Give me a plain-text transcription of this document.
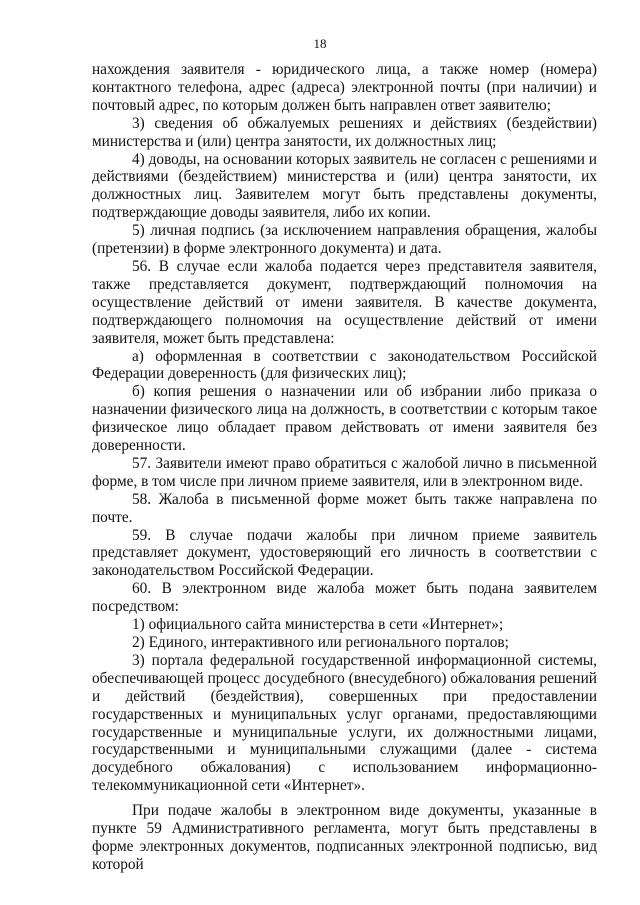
18

нахождения заявителя - юридического лица, а также номер (номера) контактного телефона, адрес (адреса) электронной почты (при наличии) и почтовый адрес, по которым должен быть направлен ответ заявителю;

3) сведения об обжалуемых решениях и действиях (бездействии) министерства и (или) центра занятости, их должностных лиц;

4) доводы, на основании которых заявитель не согласен с решениями и действиями (бездействием) министерства и (или) центра занятости, их должностных лиц. Заявителем могут быть представлены документы, подтверждающие доводы заявителя, либо их копии.

5) личная подпись (за исключением направления обращения, жалобы (претензии) в форме электронного документа) и дата.

56. В случае если жалоба подается через представителя заявителя, также представляется документ, подтверждающий полномочия на осуществление действий от имени заявителя. В качестве документа, подтверждающего полномочия на осуществление действий от имени заявителя, может быть представлена:

а) оформленная в соответствии с законодательством Российской Федерации доверенность (для физических лиц);

б) копия решения о назначении или об избрании либо приказа о назначении физического лица на должность, в соответствии с которым такое физическое лицо обладает правом действовать от имени заявителя без доверенности.

57. Заявители имеют право обратиться с жалобой лично в письменной форме, в том числе при личном приеме заявителя, или в электронном виде.

58. Жалоба в письменной форме может быть также направлена по почте.

59. В случае подачи жалобы при личном приеме заявитель представляет документ, удостоверяющий его личность в соответствии с законодательством Российской Федерации.

60. В электронном виде жалоба может быть подана заявителем посредством:

1) официального сайта министерства в сети «Интернет»;

2) Единого, интерактивного или регионального порталов;

3) портала федеральной государственной информационной системы, обеспечивающей процесс досудебного (внесудебного) обжалования решений и действий (бездействия), совершенных при предоставлении государственных и муниципальных услуг органами, предоставляющими государственные и муниципальные услуги, их должностными лицами, государственными и муниципальными служащими (далее - система досудебного обжалования) с использованием информационно-телекоммуникационной сети «Интернет».

При подаче жалобы в электронном виде документы, указанные в пункте 59 Административного регламента, могут быть представлены в форме электронных документов, подписанных электронной подписью, вид которой
